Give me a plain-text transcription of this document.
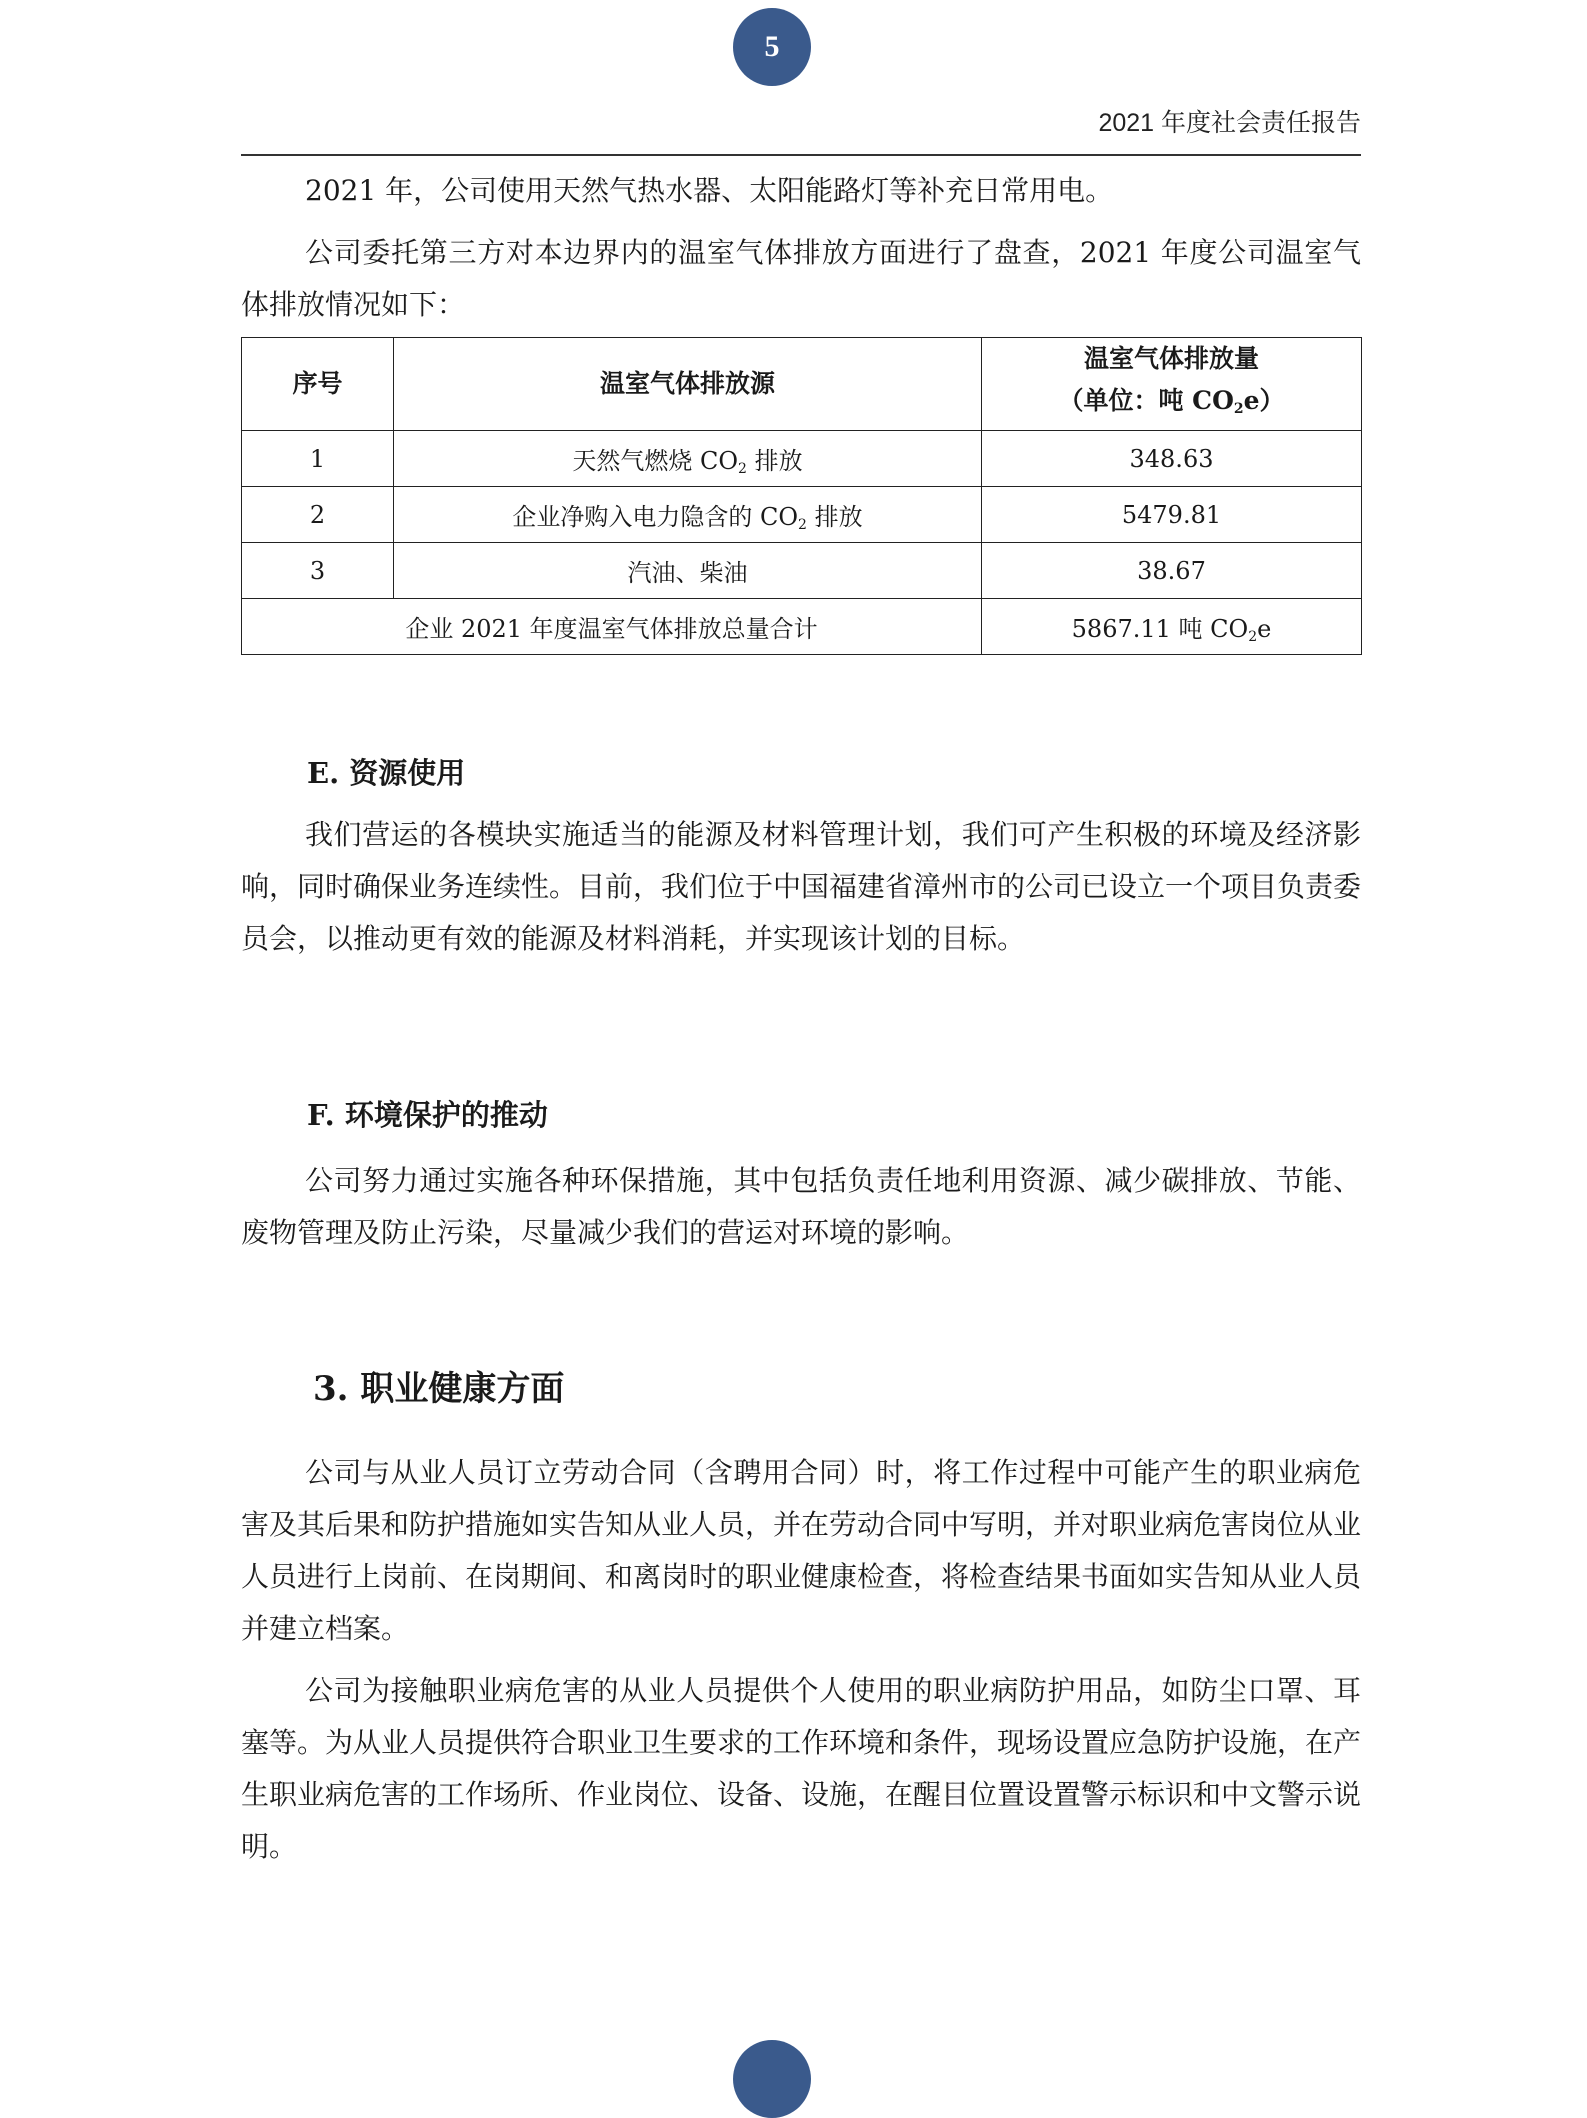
5
2021 年度社会责任报告

2021 年，公司使用天然气热水器、太阳能路灯等补充日常用电。

公司委托第三方对本边界内的温室气体排放方面进行了盘查，2021 年度公司温室气体排放情况如下：

序号	温室气体排放源	温室气体排放量
（单位：吨 $CO_2e$）

1	天然气燃烧 $CO_2$ 排放	348.63
2	企业净购入电力隐含的 $CO_2$ 排放	5479.81
3	汽油、柴油	38.67
企业 2021 年度温室气体排放总量合计		5867.11 吨 $CO_2e$
E. 资源使用

我们营运的各模块实施适当的能源及材料管理计划，我们可产生积极的环境及经济影响，同时确保业务连续性。目前，我们位于中国福建省漳州市的公司已设立一个项目负责委员会，以推动更有效的能源及材料消耗，并实现该计划的目标。

F. 环境保护的推动

公司努力通过实施各种环保措施，其中包括负责任地利用资源、减少碳排放、节能、废物管理及防止污染，尽量减少我们的营运对环境的影响。

3. 职业健康方面

公司与从业人员订立劳动合同（含聘用合同）时，将工作过程中可能产生的职业病危害及其后果和防护措施如实告知从业人员，并在劳动合同中写明，并对职业病危害岗位从业人员进行上岗前、在岗期间、和离岗时的职业健康检查，将检查结果书面如实告知从业人员并建立档案。

公司为接触职业病危害的从业人员提供个人使用的职业病防护用品，如防尘口罩、耳塞等。为从业人员提供符合职业卫生要求的工作环境和条件，现场设置应急防护设施，在产生职业病危害的工作场所、作业岗位、设备、设施，在醒目位置设置警示标识和中文警示说明。
